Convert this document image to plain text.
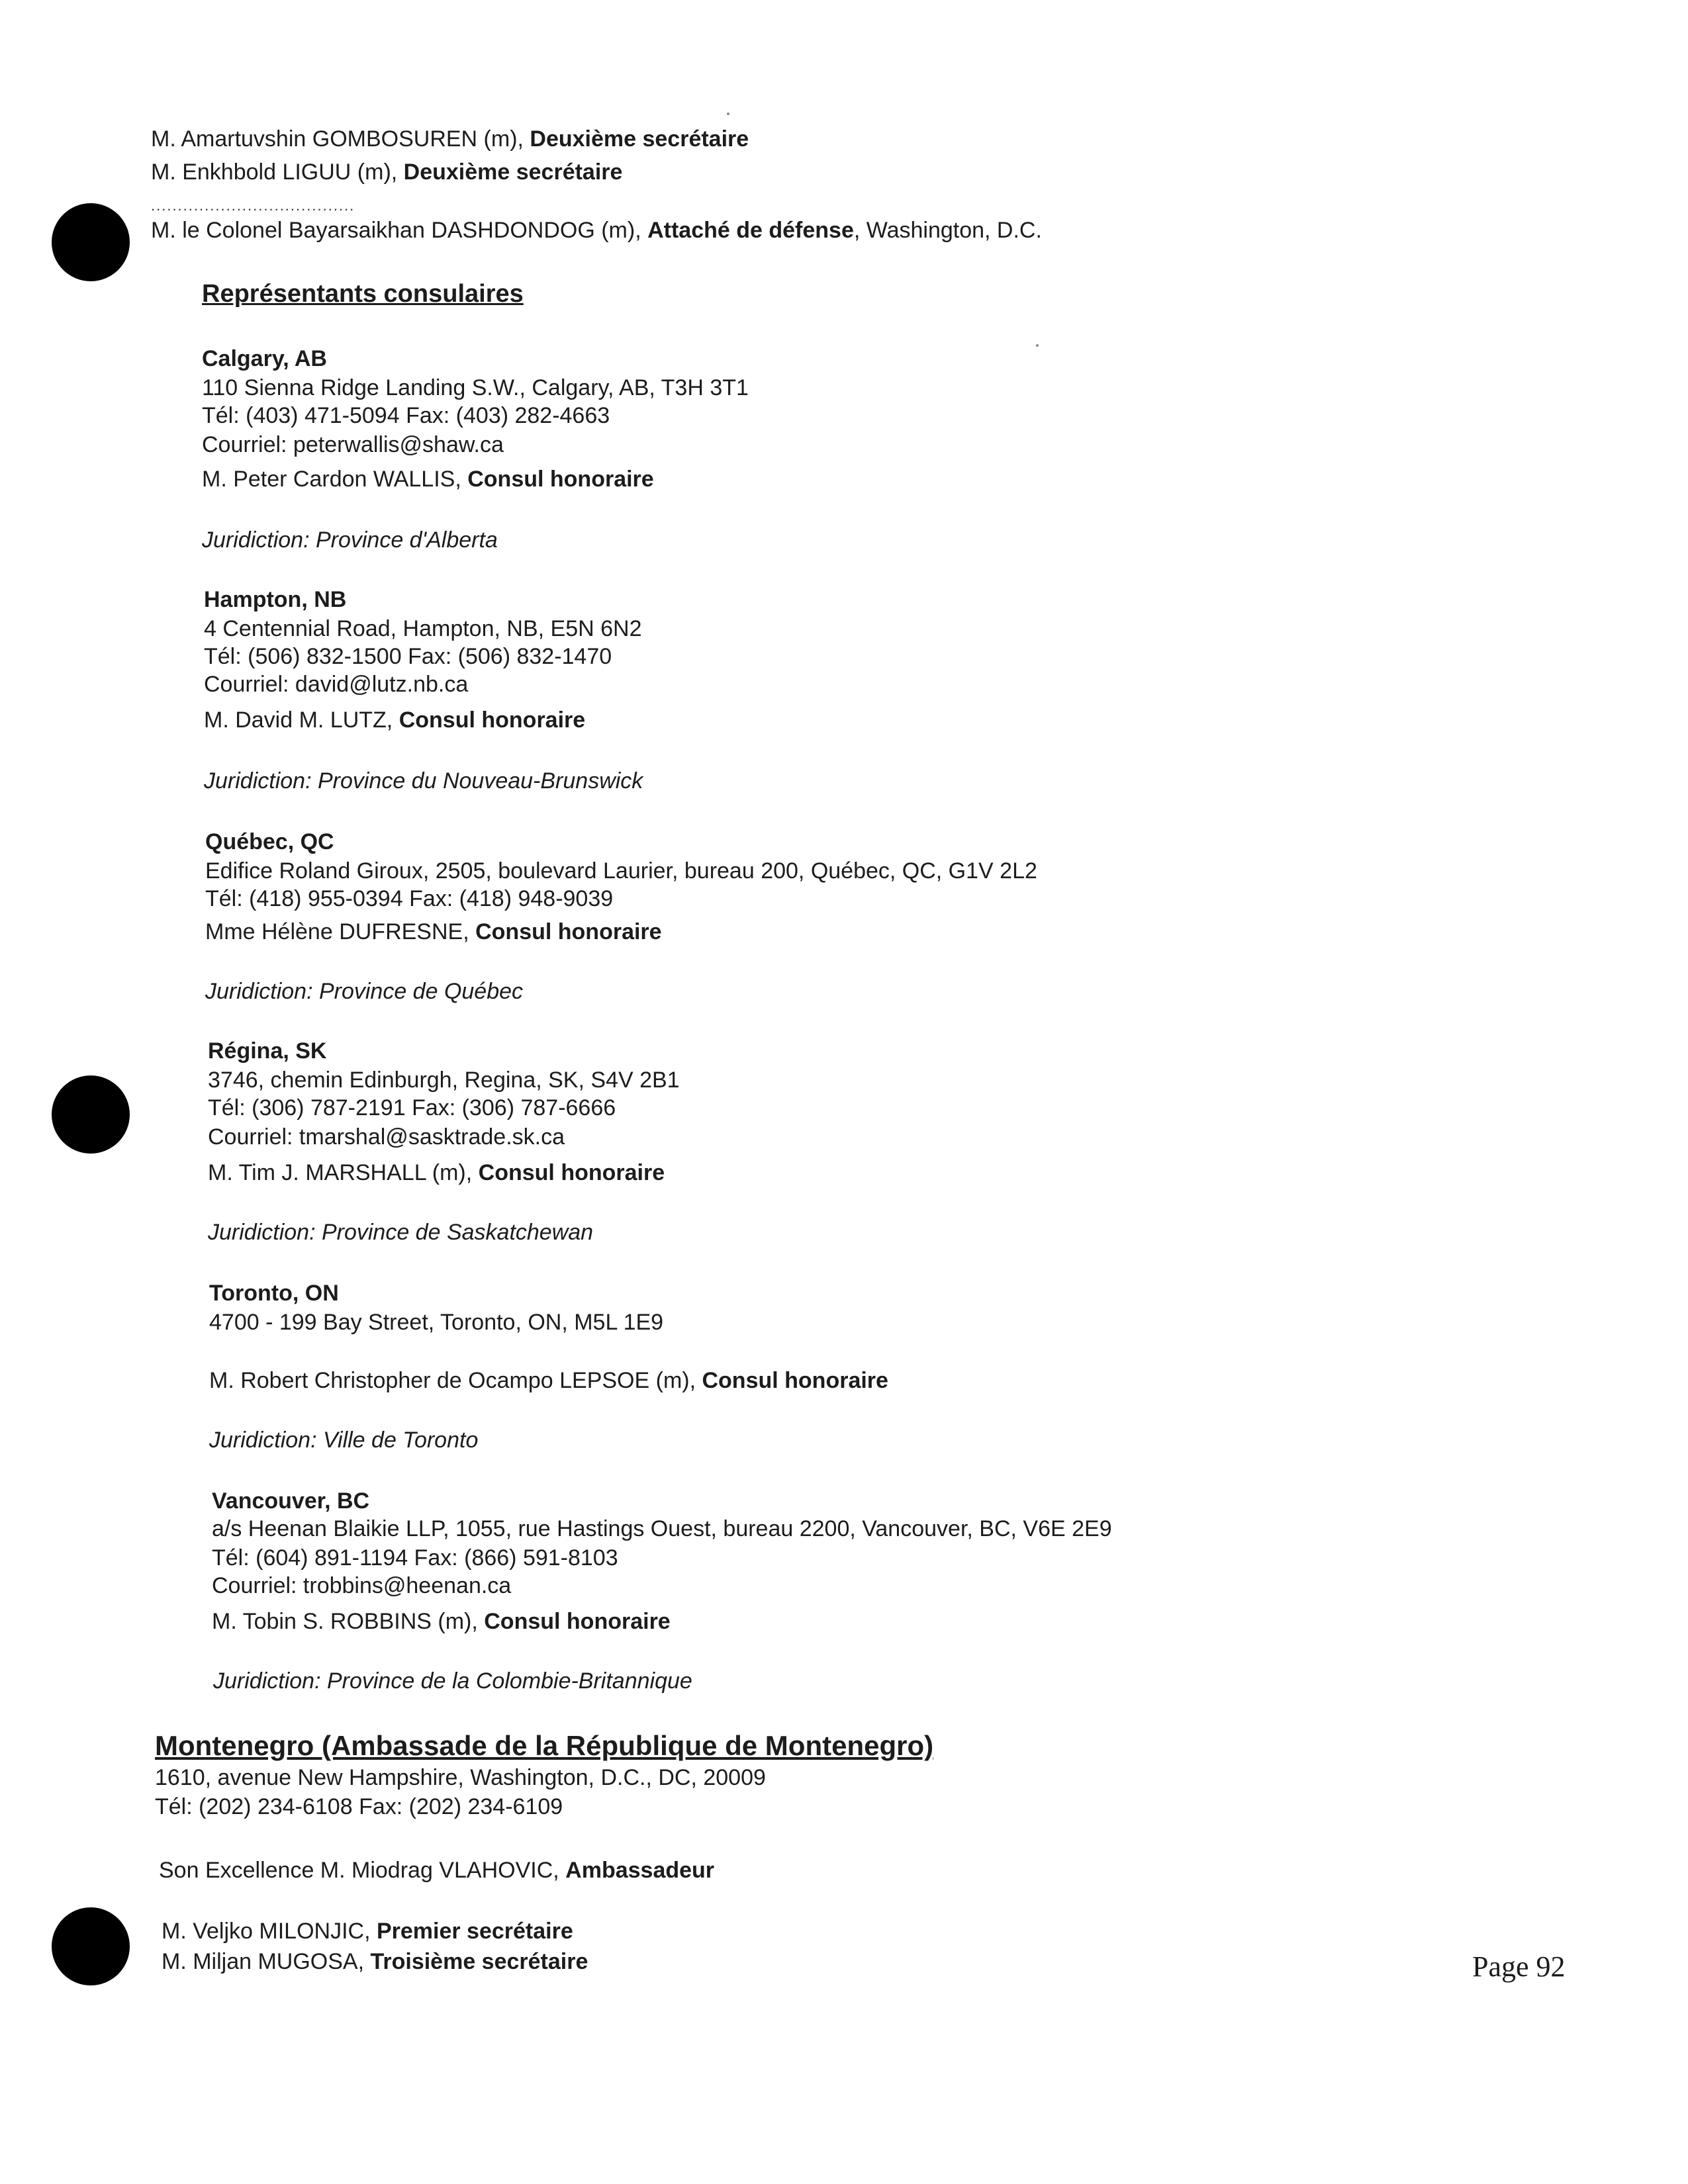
M. Amartuvshin GOMBOSUREN (m), Deuxième secrétaire
M. Enkhbold LIGUU (m), Deuxième secrétaire
......................................
M. le Colonel Bayarsaikhan DASHDONDOG (m), Attaché de défense, Washington, D.C.
Représentants consulaires
Calgary, AB
110 Sienna Ridge Landing S.W., Calgary, AB, T3H 3T1
Tél: (403) 471-5094 Fax: (403) 282-4663
Courriel: peterwallis@shaw.ca
M. Peter Cardon WALLIS, Consul honoraire
Juridiction: Province d'Alberta
Hampton, NB
4 Centennial Road, Hampton, NB, E5N 6N2
Tél: (506) 832-1500 Fax: (506) 832-1470
Courriel: david@lutz.nb.ca
M. David M. LUTZ, Consul honoraire
Juridiction: Province du Nouveau-Brunswick
Québec, QC
Edifice Roland Giroux, 2505, boulevard Laurier, bureau 200, Québec, QC, G1V 2L2
Tél: (418) 955-0394 Fax: (418) 948-9039
Mme Hélène DUFRESNE, Consul honoraire
Juridiction: Province de Québec
Régina, SK
3746, chemin Edinburgh, Regina, SK, S4V 2B1
Tél: (306) 787-2191 Fax: (306) 787-6666
Courriel: tmarshal@sasktrade.sk.ca
M. Tim J. MARSHALL (m), Consul honoraire
Juridiction: Province de Saskatchewan
Toronto, ON
4700 - 199 Bay Street, Toronto, ON, M5L 1E9
M. Robert Christopher de Ocampo LEPSOE (m), Consul honoraire
Juridiction: Ville de Toronto
Vancouver, BC
a/s Heenan Blaikie LLP, 1055, rue Hastings Ouest, bureau 2200, Vancouver, BC, V6E 2E9
Tél: (604) 891-1194 Fax: (866) 591-8103
Courriel: trobbins@heenan.ca
M. Tobin S. ROBBINS (m), Consul honoraire
Juridiction: Province de la Colombie-Britannique
Montenegro (Ambassade de la République de Montenegro)
1610, avenue New Hampshire, Washington, D.C., DC, 20009
Tél: (202) 234-6108 Fax: (202) 234-6109
Son Excellence M. Miodrag VLAHOVIC, Ambassadeur
M. Veljko MILONJIC, Premier secrétaire
M. Miljan MUGOSA, Troisième secrétaire	Page 92
